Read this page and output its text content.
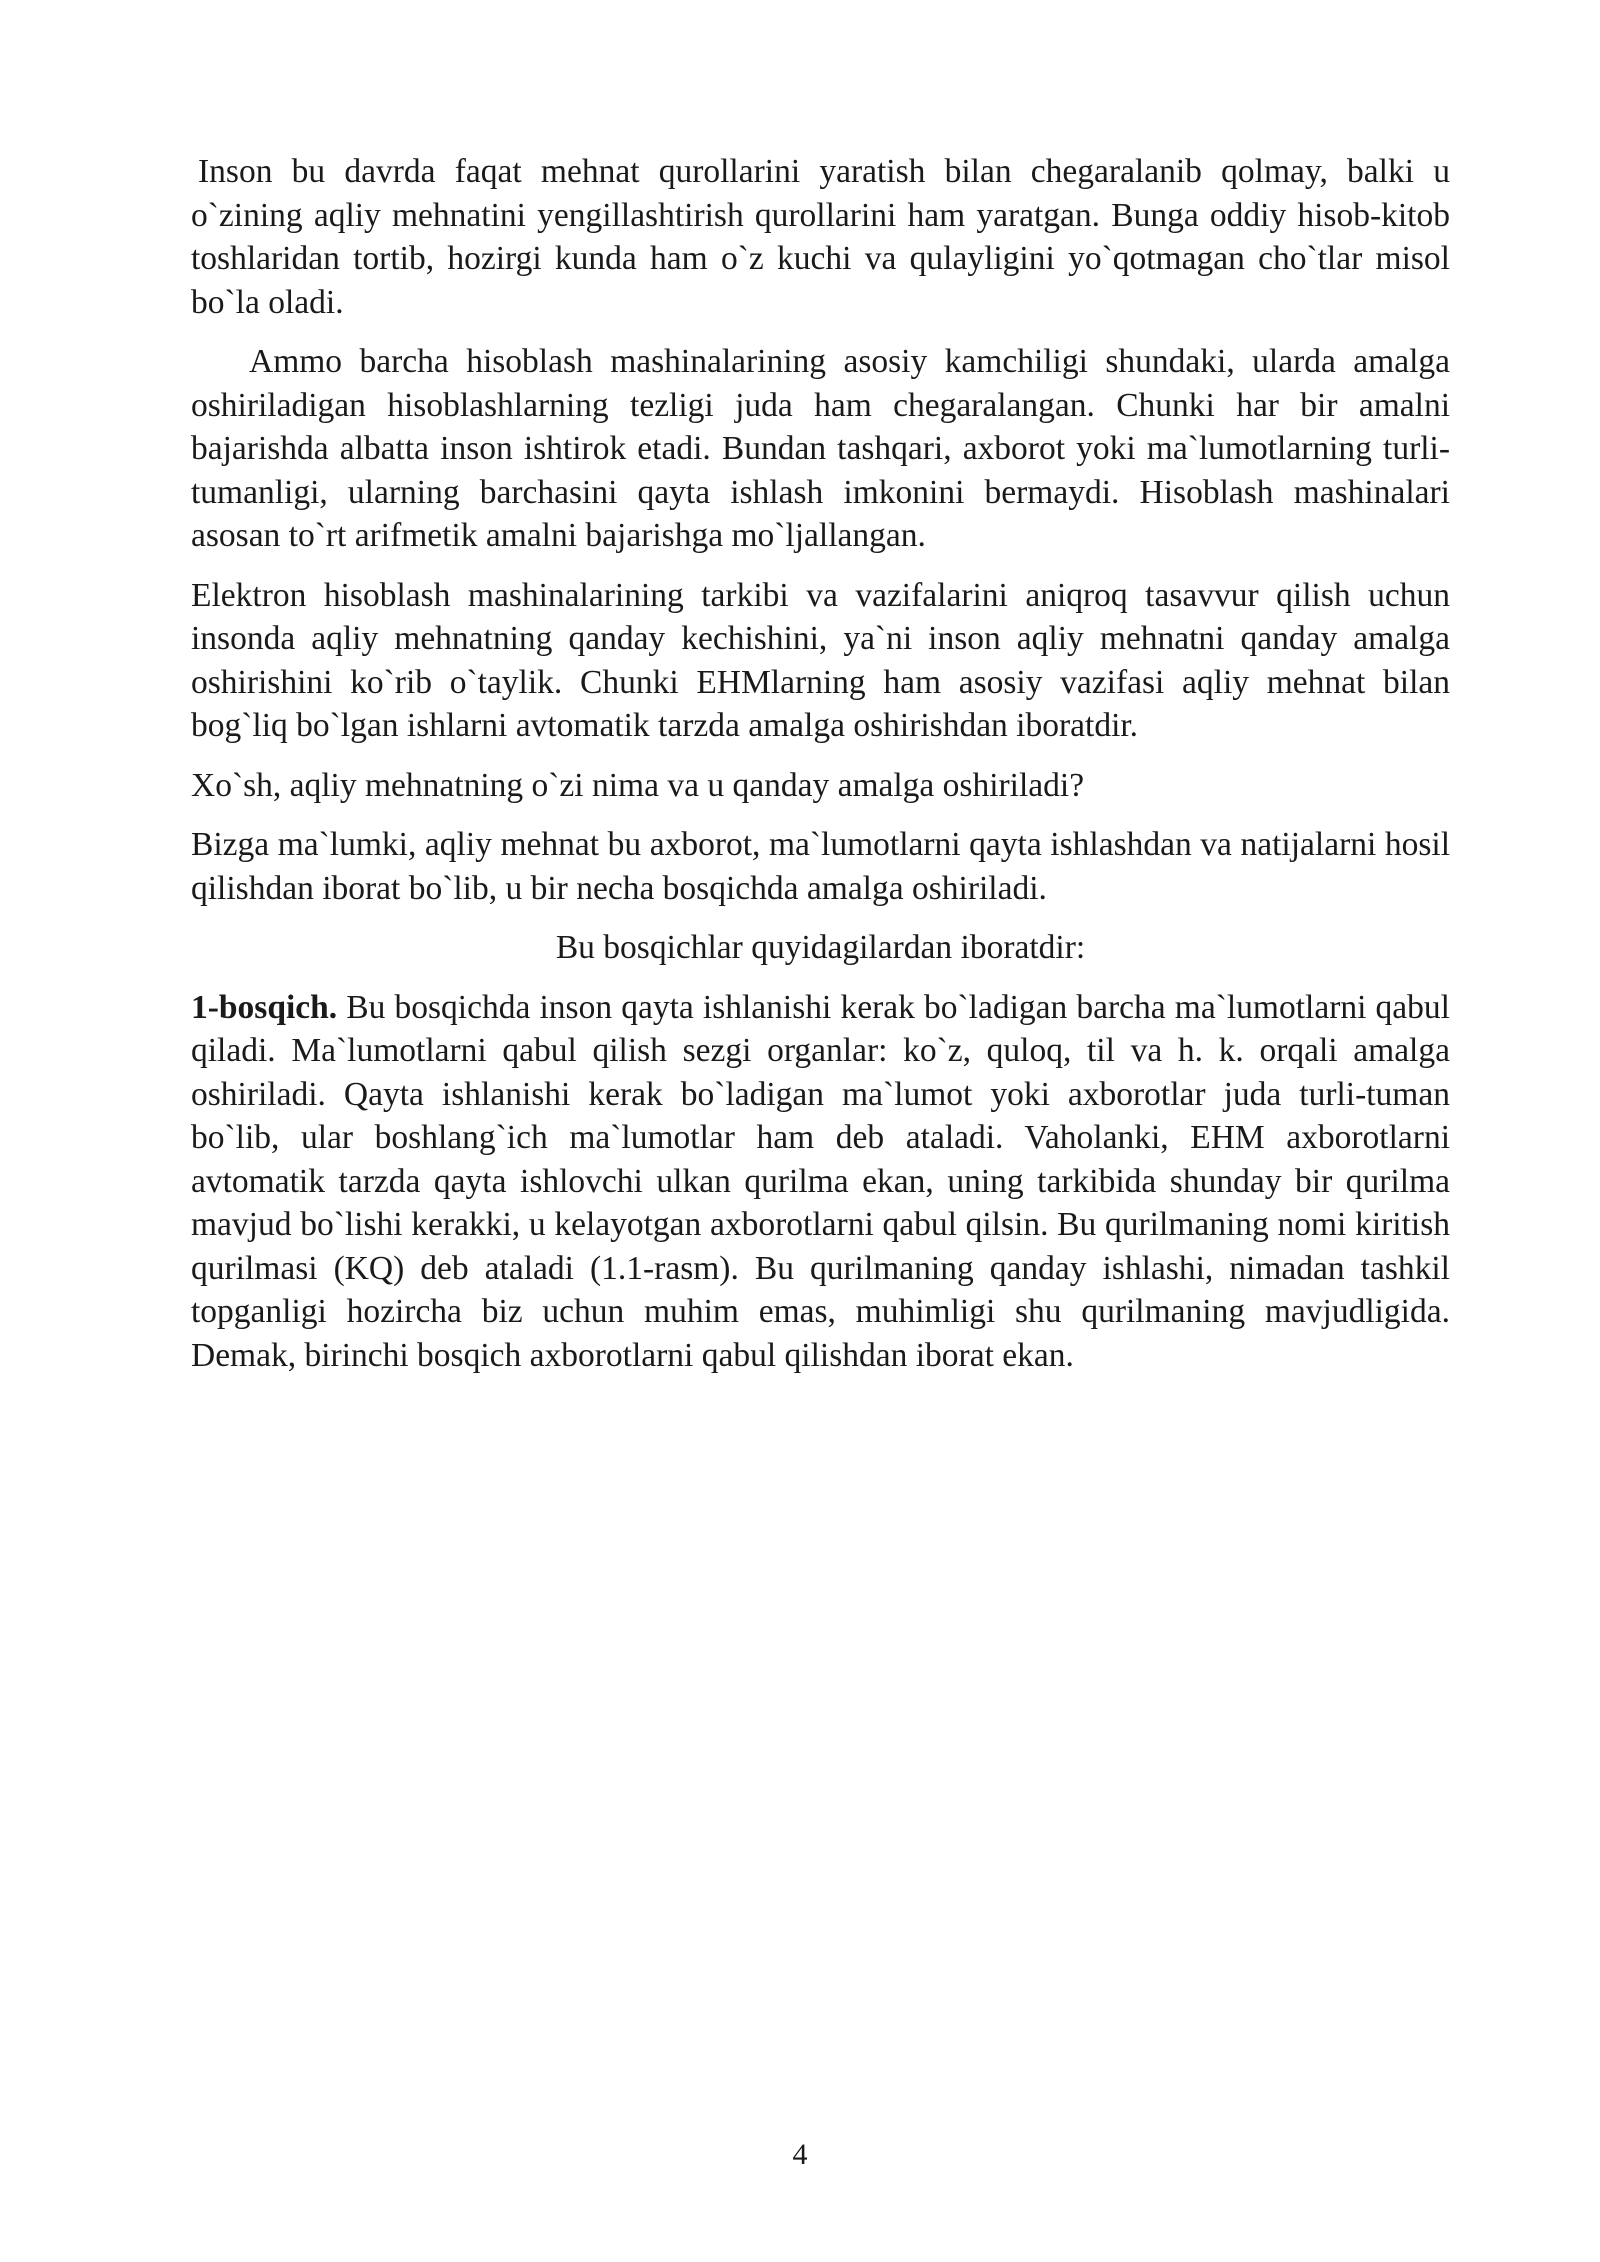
Inson bu davrda faqat mehnat qurollarini yaratish bilan chegaralanib qolmay, balki u o`zining aqliy mehnatini yengillashtirish qurollarini ham yaratgan. Bunga oddiy hisob-kitob toshlaridan tortib, hozirgi kunda ham o`z kuchi va qulayligini yo`qotmagan cho`tlar misol bo`la oladi.

Ammo barcha hisoblash mashinalarining asosiy kamchiligi shundaki, ularda amalga oshiriladigan hisoblashlarning tezligi juda ham chegaralangan. Chunki har bir amalni bajarishda albatta inson ishtirok etadi. Bundan tashqari, axborot yoki ma`lumotlarning turli-tumanligi, ularning barchasini qayta ishlash imkonini bermaydi. Hisoblash mashinalari asosan to`rt arifmetik amalni bajarishga mo`ljallangan.

Elektron hisoblash mashinalarining tarkibi va vazifalarini aniqroq tasavvur qilish uchun insonda aqliy mehnatning qanday kechishini, ya`ni inson aqliy mehnatni qanday amalga oshirishini ko`rib o`taylik. Chunki EHMlarning ham asosiy vazifasi aqliy mehnat bilan bog`liq bo`lgan ishlarni avtomatik tarzda amalga oshirishdan iboratdir.

Xo`sh, aqliy mehnatning o`zi nima va u qanday amalga oshiriladi?

Bizga ma`lumki, aqliy mehnat bu axborot, ma`lumotlarni qayta ishlashdan va natijalarni hosil qilishdan iborat bo`lib, u bir necha bosqichda amalga oshiriladi.

Bu bosqichlar quyidagilardan iboratdir:

1-bosqich. Bu bosqichda inson qayta ishlanishi kerak bo`ladigan barcha ma`lumotlarni qabul qiladi. Ma`lumotlarni qabul qilish sezgi organlar: ko`z, quloq, til va h. k. orqali amalga oshiriladi. Qayta ishlanishi kerak bo`ladigan ma`lumot yoki axborotlar juda turli-tuman bo`lib, ular boshlang`ich ma`lumotlar ham deb ataladi. Vaholanki, EHM axborotlarni avtomatik tarzda qayta ishlovchi ulkan qurilma ekan, uning tarkibida shunday bir qurilma mavjud bo`lishi kerakki, u kelayotgan axborotlarni qabul qilsin. Bu qurilmaning nomi kiritish qurilmasi (KQ) deb ataladi (1.1-rasm). Bu qurilmaning qanday ishlashi, nimadan tashkil topganligi hozircha biz uchun muhim emas, muhimligi shu qurilmaning mavjudligida. Demak, birinchi bosqich axborotlarni qabul qilishdan iborat ekan.

4
